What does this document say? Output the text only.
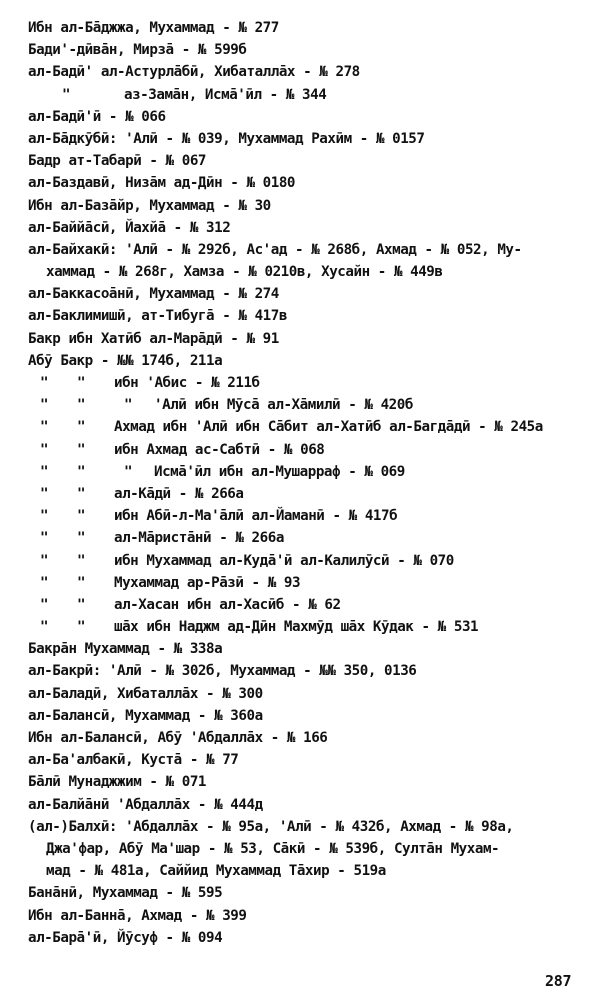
Ибн ал-Бāджжа, Мухаммад - № 277
Бади'-дӣвāн, Мирзā - № 599б
ал-Бадӣ' ал-Астурлāбӣ, Хибаталлāх - № 278
"	аз-Замāн, Исмā'ӣл - № 344
ал-Бадӣ'ӣ - № 066
ал-Бāдкӯбӣ: 'Алӣ - № 039, Мухаммад Рахӣм - № 0157
Бадр ат-Табарӣ - № 067
ал-Баздавӣ, Низāм ад-Дӣн - № 0180
Ибн ал-Базāйр, Мухаммад - № 30
ал-Баййāсӣ, Йахйā - № 312
ал-Байхакӣ: 'Алӣ - № 292б, Ас'ад - № 268б, Ахмад - № 052, Му-
хаммад - № 268г, Хамза - № 0210в, Хусайн - № 449в
ал-Баккасоāнӣ, Мухаммад - № 274
ал-Баклимишӣ, ат-Тибугā - № 417в
Бакр ибн Хатӣб ал-Марāдӣ - № 91
Абӯ Бакр - №№ 174б, 211а
" " ибн 'Абис - № 211б
" "	" 'Алӣ ибн Мӯсā ал-Хāмилӣ - № 420б
" " Ахмад ибн 'Алӣ ибн Сāбит ал-Хатӣб ал-Багдāдӣ - № 245а
" " ибн Ахмад ас-Сабтӣ - № 068
" "	" Исмā'ӣл ибн ал-Мушарраф - № 069
" " ал-Кāдӣ - № 266а
" " ибн Абӣ-л-Ма'āлӣ ал-Йаманӣ - № 417б
" " ал-Мāристāнӣ - № 266а
" " ибн Мухаммад ал-Кудā'ӣ ал-Калилӯсӣ - № 070
" " Мухаммад ар-Рāзӣ - № 93
" " ал-Хасан ибн ал-Хасӣб - № 62
" " шāх ибн Наджм ад-Дӣн Махмӯд шāх Кӯдак - № 531
Бакрāн Мухаммад - № 338а
ал-Бакрӣ: 'Алӣ - № 302б, Мухаммад - №№ 350, 0136
ал-Баладӣ, Хибаталлāх - № 300
ал-Балансӣ, Мухаммад - № 360а
Ибн ал-Балансӣ, Абӯ 'Абдаллāх - № 166
ал-Ба'албакӣ, Кустā - № 77
Бāлӣ Мунаджжим - № 071
ал-Балйāнӣ 'Абдаллāх - № 444д
(ал-)Балхӣ: 'Абдаллāх - № 95а, 'Алӣ - № 432б, Ахмад - № 98а,
Джа'фар, Абӯ Ма'шар - № 53, Сāкӣ - № 539б, Султāн Мухам-
мад - № 481а, Саййид Мухаммад Тāхир - 519а
Банāнӣ, Мухаммад - № 595
Ибн ал-Баннā, Ахмад - № 399
ал-Барā'ӣ, Йӯсуф - № 094
287
